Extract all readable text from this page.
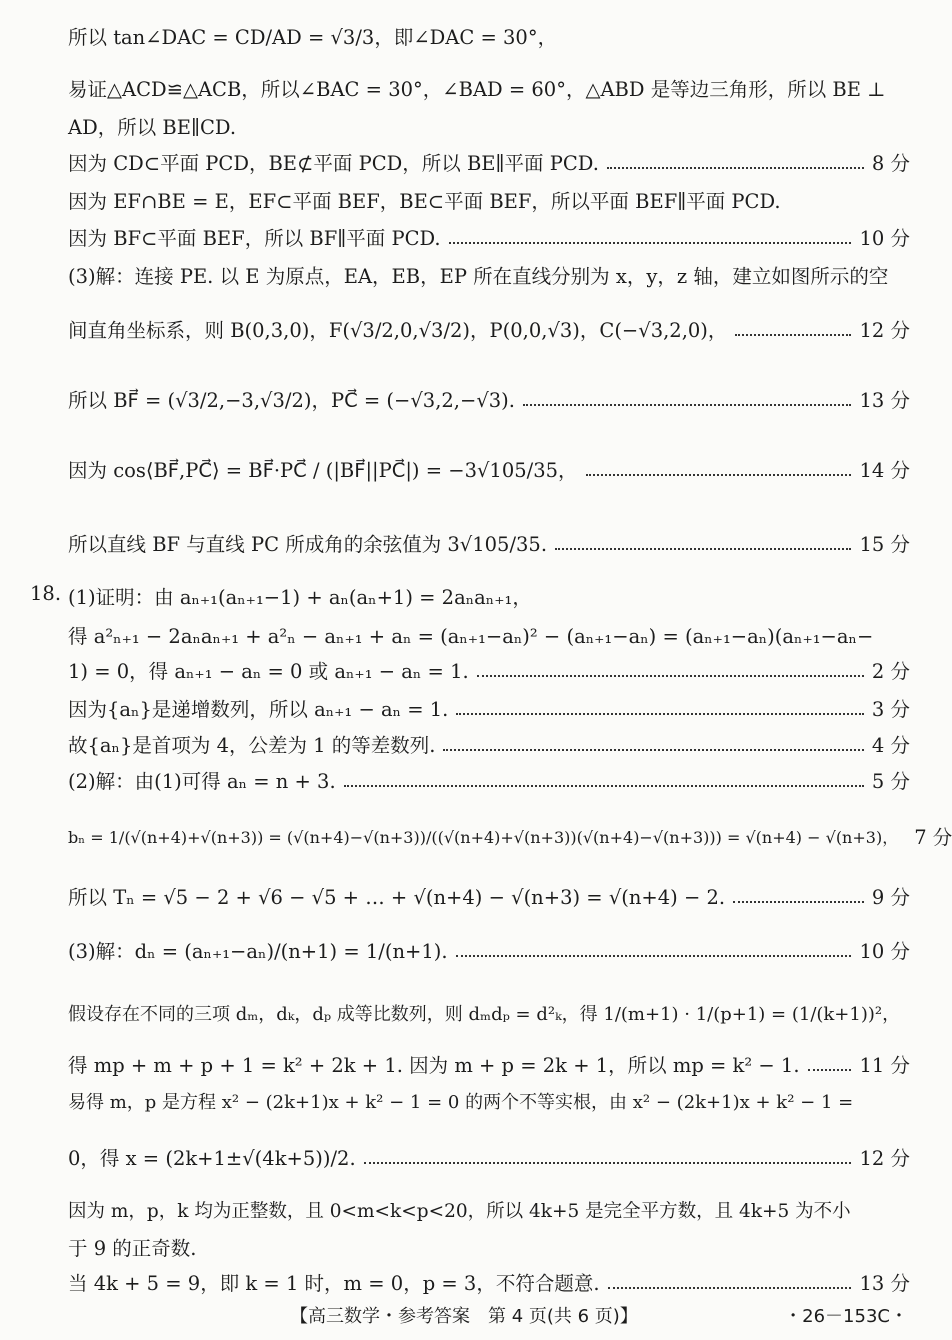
所以 tan∠DAC = CD/AD = √3/3，即∠DAC = 30°，
易证△ACD≌△ACB，所以∠BAC = 30°，∠BAD = 60°，△ABD 是等边三角形，所以 BE ⊥
AD，所以 BE∥CD.
因为 CD⊂平面 PCD，BE⊄平面 PCD，所以 BE∥平面 PCD.	8 分
因为 EF∩BE = E，EF⊂平面 BEF，BE⊂平面 BEF，所以平面 BEF∥平面 PCD.
因为 BF⊂平面 BEF，所以 BF∥平面 PCD.	10 分
(3)解：连接 PE. 以 E 为原点，EA，EB，EP 所在直线分别为 x，y，z 轴，建立如图所示的空
间直角坐标系，则 B(0,3,0)，F(√3/2,0,√3/2)，P(0,0,√3)，C(−√3,2,0)，	12 分
所以 BF⃗ = (√3/2,−3,√3/2)，PC⃗ = (−√3,2,−√3).	13 分
因为 cos⟨BF⃗,PC⃗⟩ = BF⃗·PC⃗ / (|BF⃗||PC⃗|) = −3√105/35，	14 分
所以直线 BF 与直线 PC 所成角的余弦值为 3√105/35.	15 分
18. (1)证明：由 aₙ₊₁(aₙ₊₁−1) + aₙ(aₙ+1) = 2aₙaₙ₊₁，
得 a²ₙ₊₁ − 2aₙaₙ₊₁ + a²ₙ − aₙ₊₁ + aₙ = (aₙ₊₁−aₙ)² − (aₙ₊₁−aₙ) = (aₙ₊₁−aₙ)(aₙ₊₁−aₙ−
1) = 0，得 aₙ₊₁ − aₙ = 0 或 aₙ₊₁ − aₙ = 1.	2 分
因为{aₙ}是递增数列，所以 aₙ₊₁ − aₙ = 1.	3 分
故{aₙ}是首项为 4，公差为 1 的等差数列.	4 分
(2)解：由(1)可得 aₙ = n + 3.	5 分
bₙ = 1/(√(n+4)+√(n+3)) = (√(n+4)−√(n+3))/((√(n+4)+√(n+3))(√(n+4)−√(n+3))) = √(n+4) − √(n+3)， 7 分
所以 Tₙ = √5 − 2 + √6 − √5 + … + √(n+4) − √(n+3) = √(n+4) − 2.	9 分
(3)解：dₙ = (aₙ₊₁−aₙ)/(n+1) = 1/(n+1).	10 分
假设存在不同的三项 dₘ，dₖ，dₚ 成等比数列，则 dₘdₚ = d²ₖ，得 1/(m+1) · 1/(p+1) = (1/(k+1))²，
得 mp + m + p + 1 = k² + 2k + 1. 因为 m + p = 2k + 1，所以 mp = k² − 1.	11 分
易得 m，p 是方程 x² − (2k+1)x + k² − 1 = 0 的两个不等实根，由 x² − (2k+1)x + k² − 1 =
0，得 x = (2k+1±√(4k+5))/2.	12 分
因为 m，p，k 均为正整数，且 0<m<k<p<20，所以 4k+5 是完全平方数，且 4k+5 为不小
于 9 的正奇数.
当 4k + 5 = 9，即 k = 1 时，m = 0，p = 3，不符合题意.	13 分
【高三数学・参考答案　第 4 页(共 6 页)】	・26－153C・
